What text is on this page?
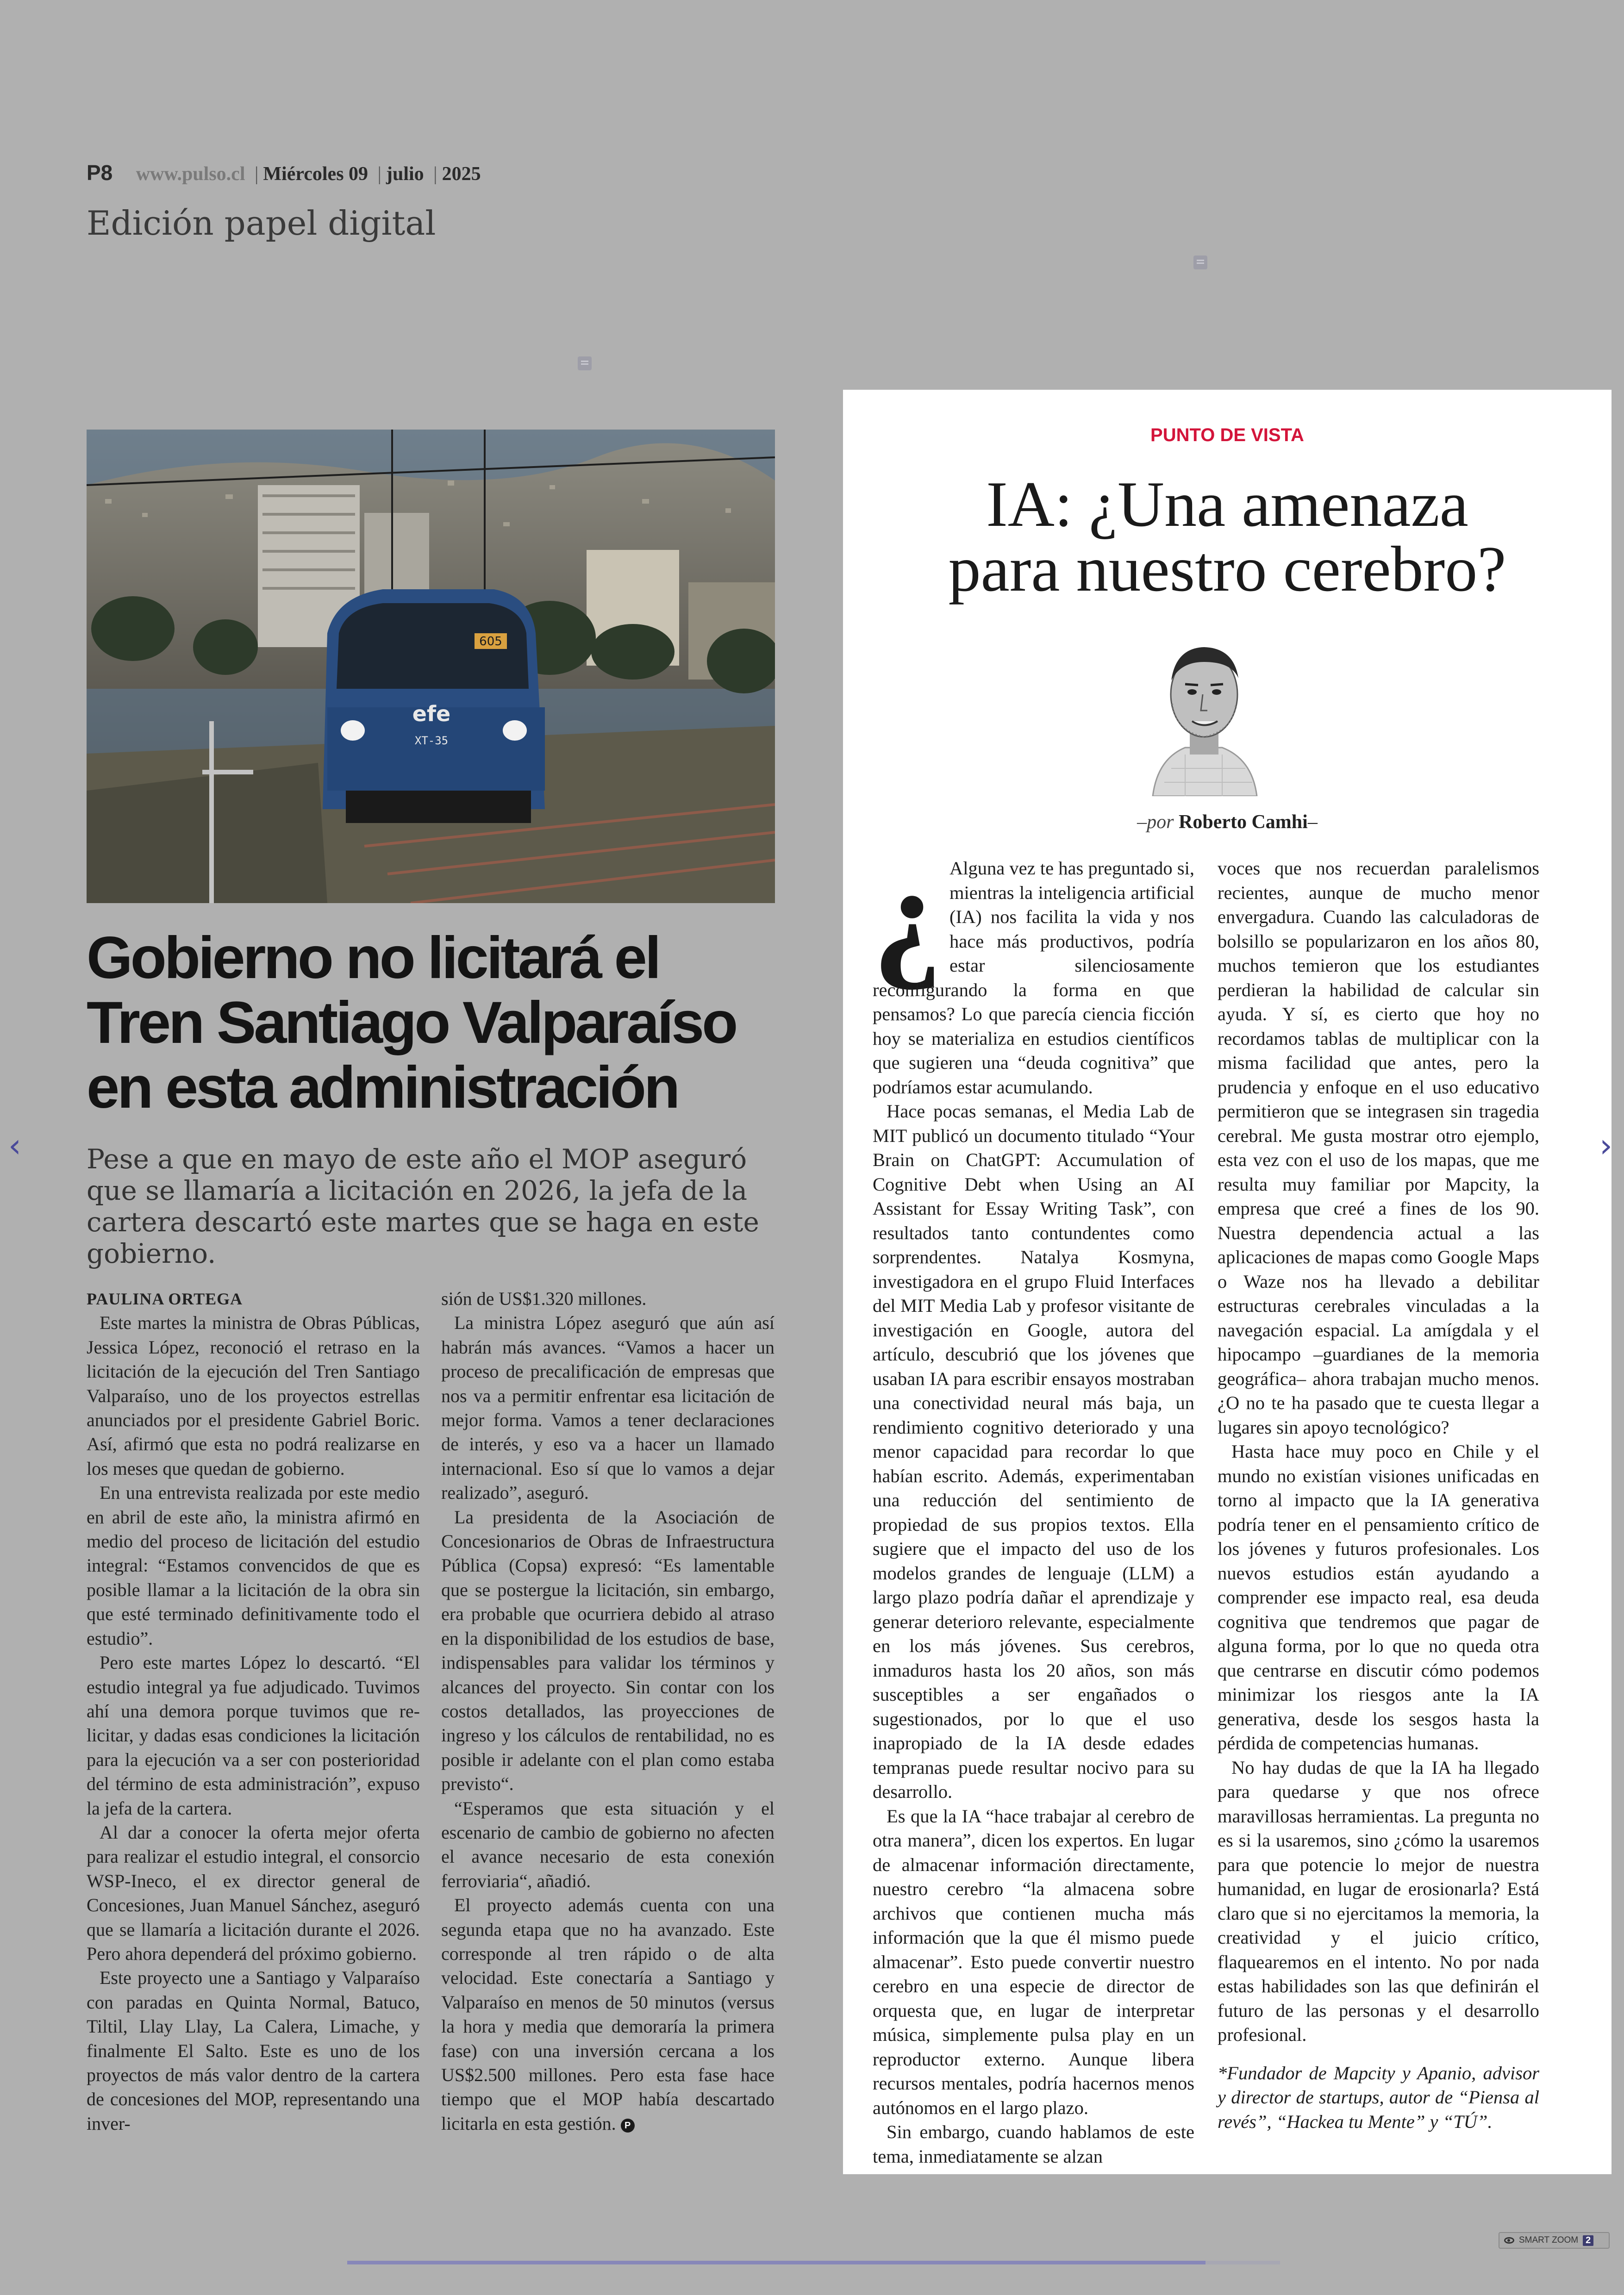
P8 www.pulso.cl | Miércoles 09 | julio | 2025
Edición papel digital
605
efe
XT-35
Gobierno no licitará el Tren Santiago Valparaíso en esta administración
Pese a que en mayo de este año el MOP aseguró que se llamaría a licitación en 2026, la jefa de la cartera descartó este martes que se haga en este gobierno.

PAULINA ORTEGA

Este martes la ministra de Obras Públicas, Jessica López, reconoció el retraso en la licitación de la ejecución del Tren Santiago Valparaíso, uno de los proyectos estrellas anunciados por el presidente Gabriel Boric. Así, afirmó que esta no podrá realizarse en los meses que quedan de gobierno.

En una entrevista realizada por este medio en abril de este año, la ministra afirmó en medio del proceso de licitación del estudio integral: “Estamos convencidos de que es posible llamar a la licitación de la obra sin que esté terminado definitivamente todo el estudio”.

Pero este martes López lo descartó. “El estudio integral ya fue adjudicado. Tuvimos ahí una demora porque tuvimos que re-licitar, y dadas esas condiciones la licitación para la ejecución va a ser con posterioridad del término de esta administración”, expuso la jefa de la cartera.

Al dar a conocer la oferta mejor oferta para realizar el estudio integral, el consorcio WSP-Ineco, el ex director general de Concesiones, Juan Manuel Sánchez, aseguró que se llamaría a licitación durante el 2026. Pero ahora dependerá del próximo gobierno.

Este proyecto une a Santiago y Valparaíso con paradas en Quinta Normal, Batuco, Tiltil, Llay Llay, La Calera, Limache, y finalmente El Salto. Este es uno de los proyectos de más valor dentro de la cartera de concesiones del MOP, representando una inver-

sión de US$1.320 millones.

La ministra López aseguró que aún así habrán más avances. “Vamos a hacer un proceso de precalificación de empresas que nos va a permitir enfrentar esa licitación de mejor forma. Vamos a tener declaraciones de interés, y eso va a hacer un llamado internacional. Eso sí que lo vamos a dejar realizado”, aseguró.

La presidenta de la Asociación de Concesionarios de Obras de Infraestructura Pública (Copsa) expresó: “Es lamentable que se postergue la licitación, sin embargo, era probable que ocurriera debido al atraso en la disponibilidad de los estudios de base, indispensables para validar los términos y alcances del proyecto. Sin contar con los costos detallados, las proyecciones de ingreso y los cálculos de rentabilidad, no es posible ir adelante con el plan como estaba previsto“.

“Esperamos que esta situación y el escenario de cambio de gobierno no afecten el avance necesario de esta conexión ferroviaria“, añadió.

El proyecto además cuenta con una segunda etapa que no ha avanzado. Este corresponde al tren rápido o de alta velocidad. Este conectaría a Santiago y Valparaíso en menos de 50 minutos (versus la hora y media que demoraría la primera fase) con una inversión cercana a los US$2.500 millones. Pero esta fase hace tiempo que el MOP había descartado licitarla en esta gestión. P

PUNTO DE VISTA
IA: ¿Una amenaza
para nuestro cerebro?
–por Roberto Camhi–

¿ Alguna vez te has preguntado si, mientras la inteligencia artificial (IA) nos facilita la vida y nos hace más productivos, podría estar silenciosamente reconfigurando la forma en que pensamos? Lo que parecía ciencia ficción hoy se materializa en estudios científicos que sugieren una “deuda cognitiva” que podríamos estar acumulando.

Hace pocas semanas, el Media Lab de MIT publicó un documento titulado “Your Brain on ChatGPT: Accumulation of Cognitive Debt when Using an AI Assistant for Essay Writing Task”, con resultados tanto contundentes como sorprendentes. Natalya Kosmyna, investigadora en el grupo Fluid Interfaces del MIT Media Lab y profesor visitante de investigación en Google, autora del artículo, descubrió que los jóvenes que usaban IA para escribir ensayos mostraban una conectividad neural más baja, un rendimiento cognitivo deteriorado y una menor capacidad para recordar lo que habían escrito. Además, experimentaban una reducción del sentimiento de propiedad de sus propios textos. Ella sugiere que el impacto del uso de los modelos grandes de lenguaje (LLM) a largo plazo podría dañar el aprendizaje y generar deterioro relevante, especialmente en los más jóvenes. Sus cerebros, inmaduros hasta los 20 años, son más susceptibles a ser engañados o sugestionados, por lo que el uso inapropiado de la IA desde edades tempranas puede resultar nocivo para su desarrollo.

Es que la IA “hace trabajar al cerebro de otra manera”, dicen los expertos. En lugar de almacenar información directamente, nuestro cerebro “la almacena sobre archivos que contienen mucha más información que la que él mismo puede almacenar”. Esto puede convertir nuestro cerebro en una especie de director de orquesta que, en lugar de interpretar música, simplemente pulsa play en un reproductor externo. Aunque libera recursos mentales, podría hacernos menos autónomos en el largo plazo.

Sin embargo, cuando hablamos de este tema, inmediatamente se alzan

voces que nos recuerdan paralelismos recientes, aunque de mucho menor envergadura. Cuando las calculadoras de bolsillo se popularizaron en los años 80, muchos temieron que los estudiantes perdieran la habilidad de calcular sin ayuda. Y sí, es cierto que hoy no recordamos tablas de multiplicar con la misma facilidad que antes, pero la prudencia y enfoque en el uso educativo permitieron que se integrasen sin tragedia cerebral. Me gusta mostrar otro ejemplo, esta vez con el uso de los mapas, que me resulta muy familiar por Mapcity, la empresa que creé a fines de los 90. Nuestra dependencia actual a las aplicaciones de mapas como Google Maps o Waze nos ha llevado a debilitar estructuras cerebrales vinculadas a la navegación espacial. La amígdala y el hipocampo –guardianes de la memoria geográfica– ahora trabajan mucho menos. ¿O no te ha pasado que te cuesta llegar a lugares sin apoyo tecnológico?

Hasta hace muy poco en Chile y el mundo no existían visiones unificadas en torno al impacto que la IA generativa podría tener en el pensamiento crítico de los jóvenes y futuros profesionales. Los nuevos estudios están ayudando a comprender ese impacto real, esa deuda cognitiva que tendremos que pagar de alguna forma, por lo que no queda otra que centrarse en discutir cómo podemos minimizar los riesgos ante la IA generativa, desde los sesgos hasta la pérdida de competencias humanas.

No hay dudas de que la IA ha llegado para quedarse y que nos ofrece maravillosas herramientas. La pregunta no es si la usaremos, sino ¿cómo la usaremos para que potencie lo mejor de nuestra humanidad, en lugar de erosionarla? Está claro que si no ejercitamos la memoria, la creatividad y el juicio crítico, flaquearemos en el intento. No por nada estas habilidades son las que definirán el futuro de las personas y el desarrollo profesional.

*Fundador de Mapcity y Apanio, advisor y director de startups, autor de “Piensa al revés”, “Hackea tu Mente” y “TÚ”.

‹	›
SMART ZOOM 2
